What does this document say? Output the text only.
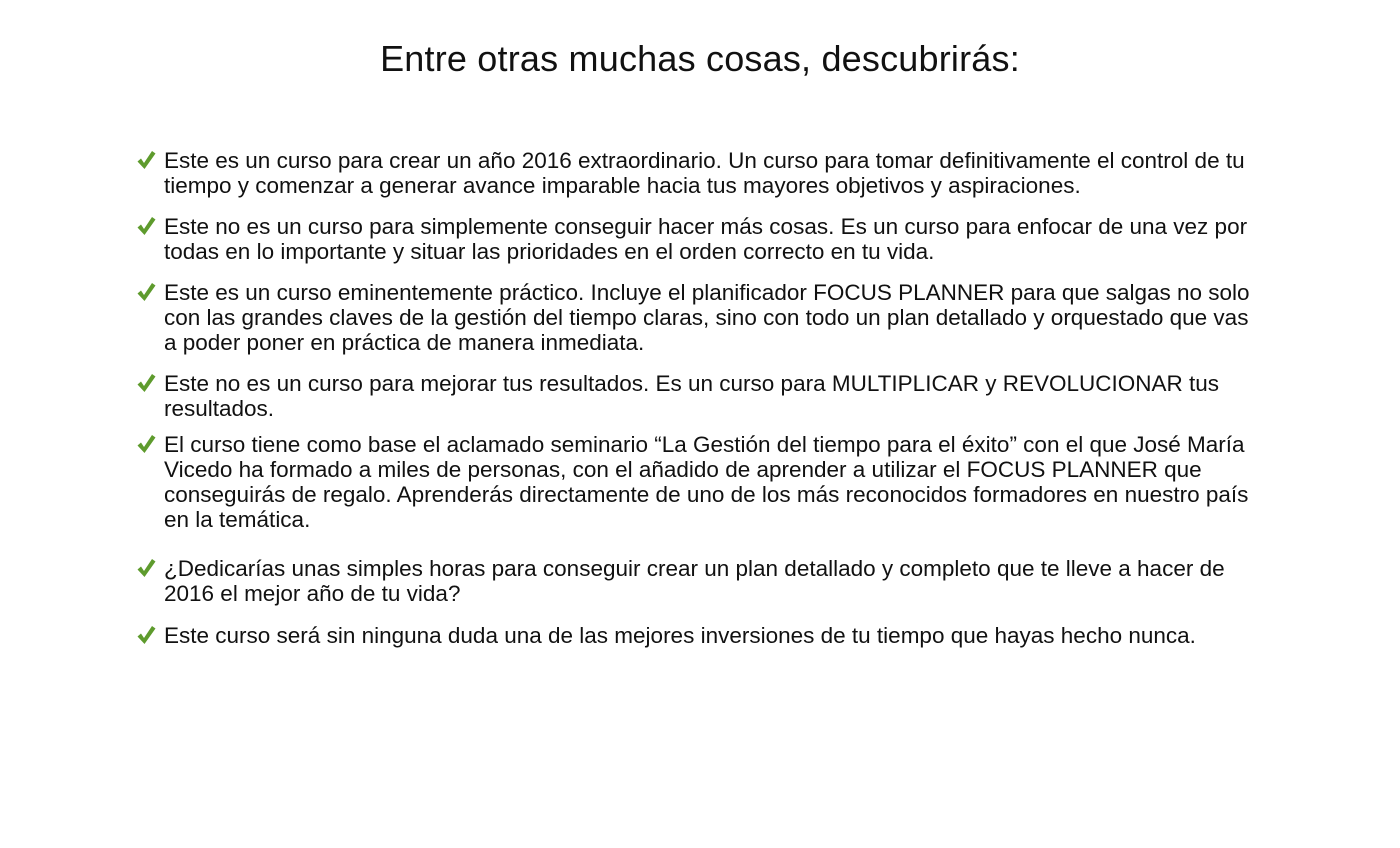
Entre otras muchas cosas, descubrirás:
Este es un curso para crear un año 2016 extraordinario. Un curso para tomar definitivamente el control de tu tiempo y comenzar a generar avance imparable hacia tus mayores objetivos y aspiraciones.
Este no es un curso para simplemente conseguir hacer más cosas. Es un curso para enfocar de una vez por todas en lo importante y situar las prioridades en el orden correcto en tu vida.
Este es un curso eminentemente práctico. Incluye el planificador FOCUS PLANNER para que salgas no solo con las grandes claves de la gestión del tiempo claras, sino con todo un plan detallado y orquestado que vas a poder poner en práctica de manera inmediata.
Este no es un curso para mejorar tus resultados. Es un curso para MULTIPLICAR y REVOLUCIONAR tus resultados.
El curso tiene como base el aclamado seminario “La Gestión del tiempo para el éxito” con el que José María Vicedo ha formado a miles de personas, con el añadido de aprender a utilizar el FOCUS PLANNER que conseguirás de regalo. Aprenderás directamente de uno de los más reconocidos formadores en nuestro país en la temática.
¿Dedicarías unas simples horas para conseguir crear un plan detallado y completo que te lleve a hacer de 2016 el mejor año de tu vida?
Este curso será sin ninguna duda una de las mejores inversiones de tu tiempo que hayas hecho nunca.
